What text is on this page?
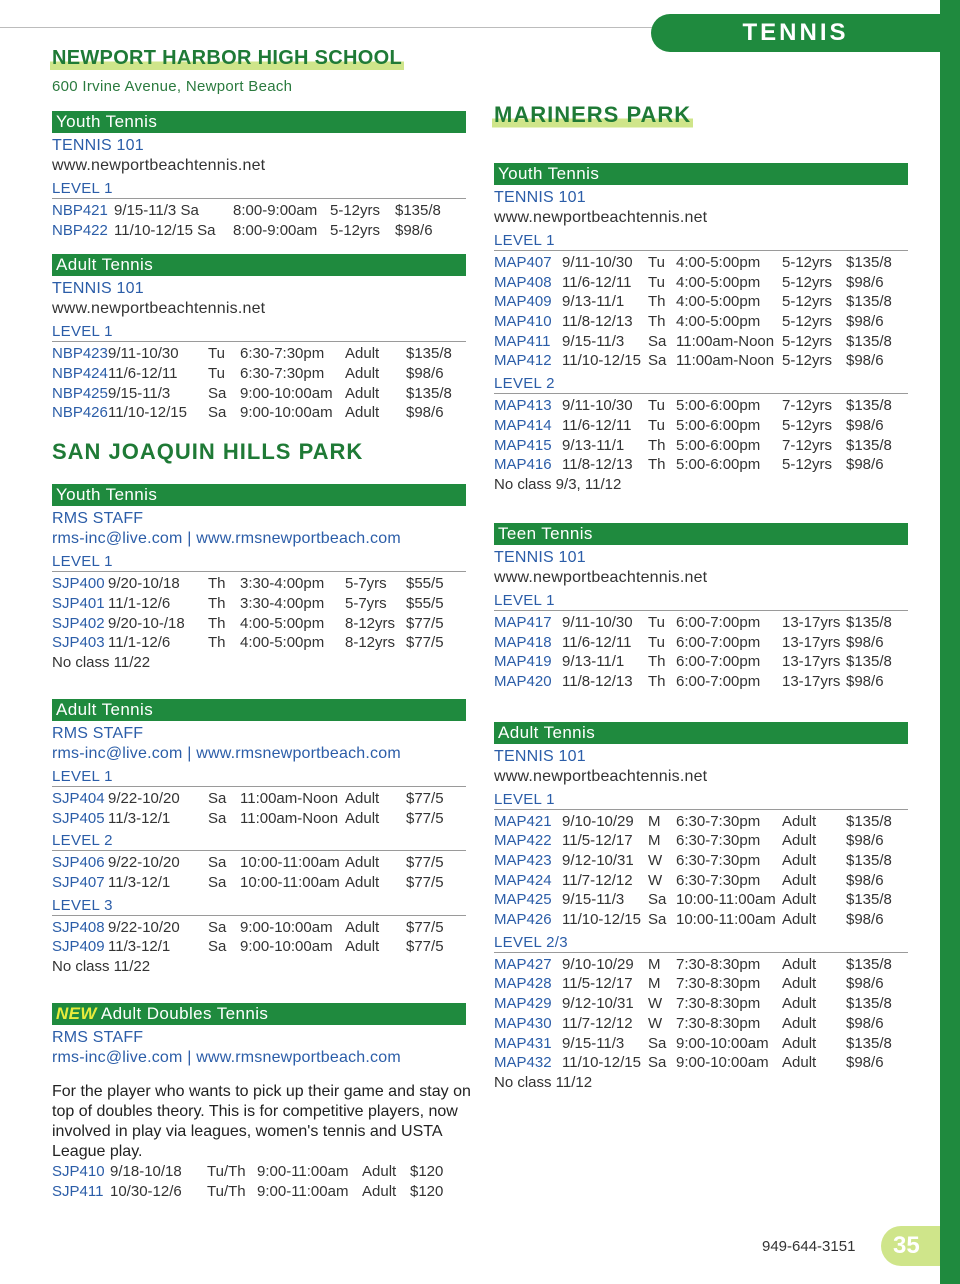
TENNIS
NEWPORT HARBOR HIGH SCHOOL
600 Irvine Avenue, Newport Beach
Youth Tennis
TENNIS 101
www.newportbeachtennis.net
LEVEL 1
NBP421 9/15-11/3 Sa 8:00-9:00am 5-12yrs $135/8
NBP422 11/10-12/15 Sa 8:00-9:00am 5-12yrs $98/6
Adult Tennis
TENNIS 101
www.newportbeachtennis.net
LEVEL 1
NBP423 9/11-10/30 Tu 6:30-7:30pm Adult $135/8
NBP424 11/6-12/11 Tu 6:30-7:30pm Adult $98/6
NBP425 9/15-11/3	Sa 9:00-10:00am Adult $135/8
NBP426 11/10-12/15 Sa 9:00-10:00am Adult $98/6
SAN JOAQUIN HILLS PARK
Youth Tennis
RMS STAFF
rms-inc@live.com | www.rmsnewportbeach.com
LEVEL 1
SJP400 9/20-10/18 Th 3:30-4:00pm 5-7yrs $55/5
SJP401 11/1-12/6	Th 3:30-4:00pm 5-7yrs $55/5
SJP402 9/20-10-/18 Th 4:00-5:00pm 8-12yrs $77/5
SJP403 11/1-12/6	Th 4:00-5:00pm 8-12yrs $77/5
No class 11/22
Adult Tennis
RMS STAFF
rms-inc@live.com | www.rmsnewportbeach.com
LEVEL 1
SJP404 9/22-10/20 Sa 11:00am-Noon Adult $77/5
SJP405 11/3-12/1	Sa 11:00am-Noon Adult $77/5
LEVEL 2
SJP406 9/22-10/20 Sa 10:00-11:00am Adult $77/5
SJP407 11/3-12/1	Sa 10:00-11:00am Adult $77/5
LEVEL 3
SJP408 9/22-10/20 Sa 9:00-10:00am Adult $77/5
SJP409 11/3-12/1	Sa 9:00-10:00am Adult $77/5
No class 11/22
NEW Adult Doubles Tennis
RMS STAFF
rms-inc@live.com | www.rmsnewportbeach.com
For the player who wants to pick up their game and stay on top of doubles theory. This is for competitive players, now involved in play via leagues, women's tennis and USTA League play.
SJP410 9/18-10/18 Tu/Th 9:00-11:00am Adult $120
SJP411 10/30-12/6 Tu/Th 9:00-11:00am Adult $120
MARINERS PARK
Youth Tennis
TENNIS 101
www.newportbeachtennis.net
LEVEL 1
MAP407 9/11-10/30 Tu 4:00-5:00pm 5-12yrs $135/8
MAP408 11/6-12/11 Tu 4:00-5:00pm 5-12yrs $98/6
MAP409 9/13-11/1 Th 4:00-5:00pm 5-12yrs $135/8
MAP410 11/8-12/13 Th 4:00-5:00pm 5-12yrs $98/6
MAP411 9/15-11/3 Sa 11:00am-Noon 5-12yrs $135/8
MAP412 11/10-12/15 Sa 11:00am-Noon 5-12yrs $98/6
LEVEL 2
MAP413 9/11-10/30 Tu 5:00-6:00pm 7-12yrs $135/8
MAP414 11/6-12/11 Tu 5:00-6:00pm 5-12yrs $98/6
MAP415 9/13-11/1 Th 5:00-6:00pm 7-12yrs $135/8
MAP416 11/8-12/13 Th 5:00-6:00pm 5-12yrs $98/6
No class 9/3, 11/12
Teen Tennis
TENNIS 101
www.newportbeachtennis.net
LEVEL 1
MAP417 9/11-10/30 Tu 6:00-7:00pm 13-17yrs $135/8
MAP418 11/6-12/11 Tu 6:00-7:00pm 13-17yrs $98/6
MAP419 9/13-11/1 Th 6:00-7:00pm 13-17yrs $135/8
MAP420 11/8-12/13 Th 6:00-7:00pm 13-17yrs $98/6
Adult Tennis
TENNIS 101
www.newportbeachtennis.net
LEVEL 1
MAP421 9/10-10/29 M 6:30-7:30pm Adult $135/8
MAP422 11/5-12/17 M 6:30-7:30pm Adult $98/6
MAP423 9/12-10/31 W 6:30-7:30pm Adult $135/8
MAP424 11/7-12/12 W 6:30-7:30pm Adult $98/6
MAP425 9/15-11/3 Sa 10:00-11:00am Adult $135/8
MAP426 11/10-12/15 Sa 10:00-11:00am Adult $98/6
LEVEL 2/3
MAP427 9/10-10/29 M 7:30-8:30pm Adult $135/8
MAP428 11/5-12/17 M 7:30-8:30pm Adult $98/6
MAP429 9/12-10/31 W 7:30-8:30pm Adult $135/8
MAP430 11/7-12/12 W 7:30-8:30pm Adult $98/6
MAP431 9/15-11/3 Sa 9:00-10:00am Adult $135/8
MAP432 11/10-12/15 Sa 9:00-10:00am Adult $98/6
No class 11/12
949-644-3151	35
